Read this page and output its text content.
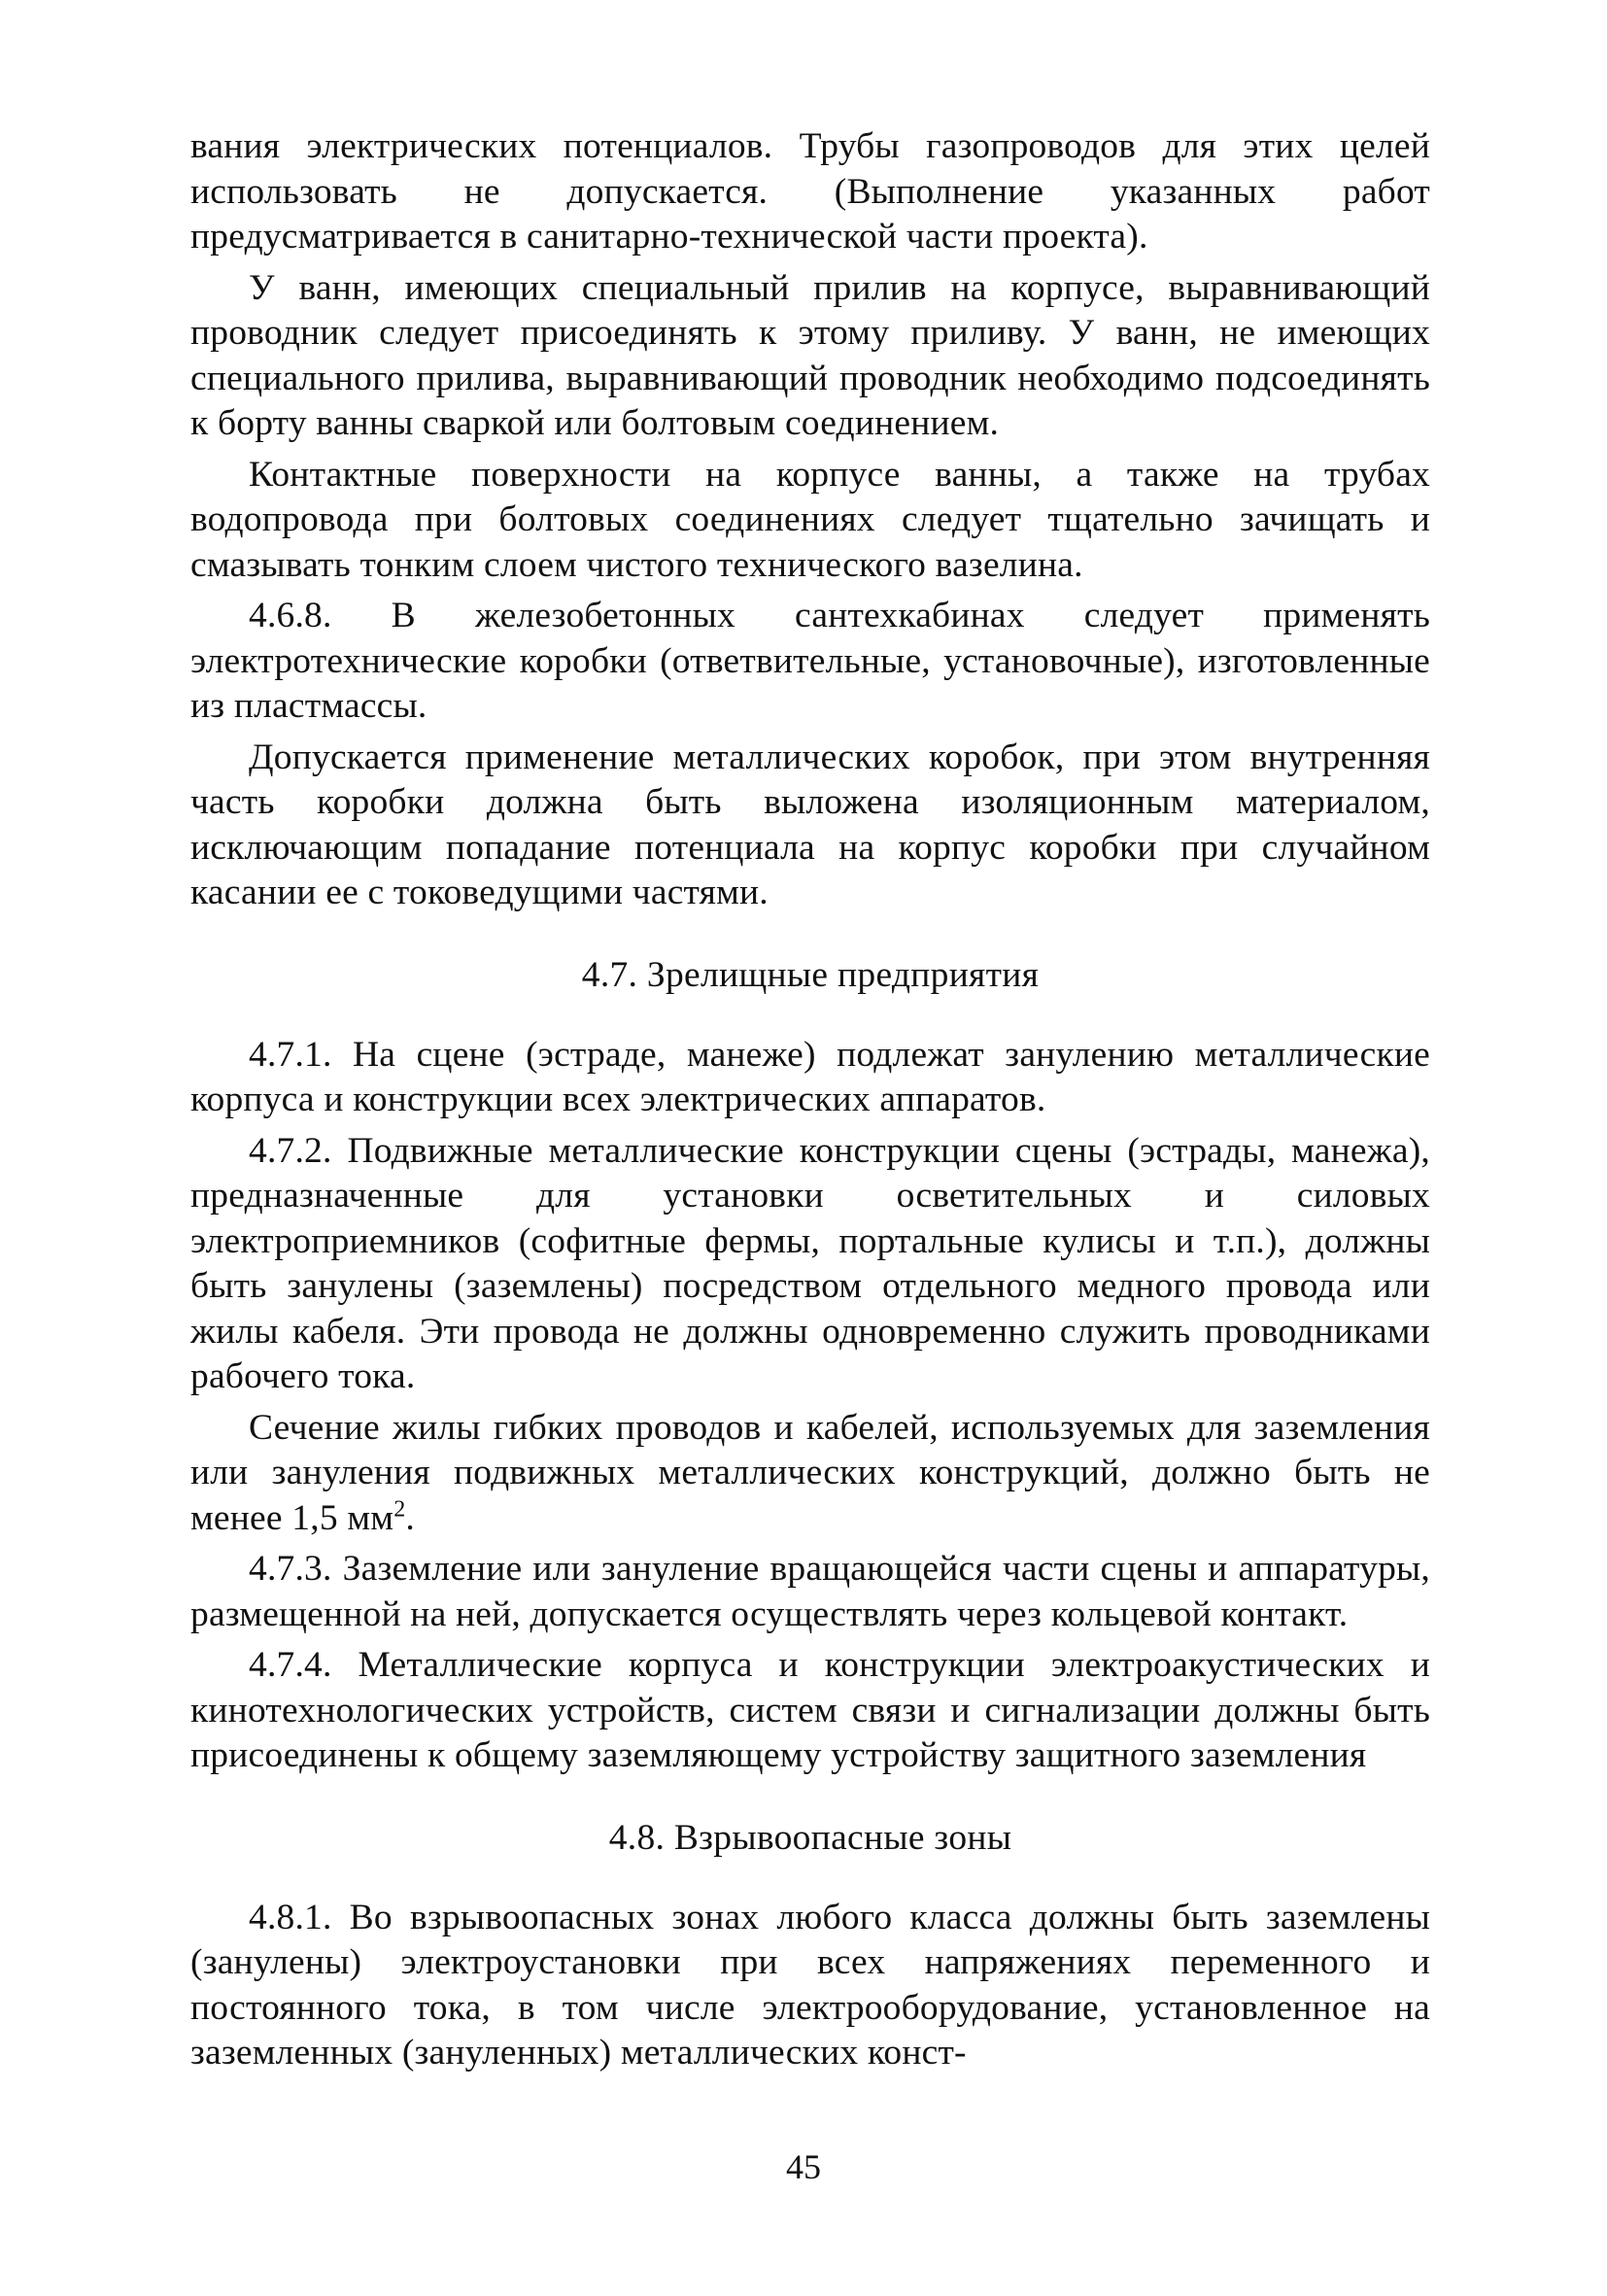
вания электрических потенциалов. Трубы газопроводов для этих целей использовать не допускается. (Выполнение указанных работ предусматривается в санитарно-технической части проекта).

У ванн, имеющих специальный прилив на корпусе, выравнивающий проводник следует присоединять к этому приливу. У ванн, не имеющих специального прилива, выравнивающий проводник необходимо подсоединять к борту ванны сваркой или болтовым соединением.

Контактные поверхности на корпусе ванны, а также на трубах водопровода при болтовых соединениях следует тщательно зачищать и смазывать тонким слоем чистого технического вазелина.

4.6.8. В железобетонных сантехкабинах следует применять электротехнические коробки (ответвительные, установочные), изготовленные из пластмассы.

Допускается применение металлических коробок, при этом внутренняя часть коробки должна быть выложена изоляционным материалом, исключающим попадание потенциала на корпус коробки при случайном касании ее с токоведущими частями.

4.7. Зрелищные предприятия

4.7.1. На сцене (эстраде, манеже) подлежат занулению металлические корпуса и конструкции всех электрических аппаратов.

4.7.2. Подвижные металлические конструкции сцены (эстрады, манежа), предназначенные для установки осветительных и силовых электроприемников (софитные фермы, портальные кулисы и т.п.), должны быть занулены (заземлены) посредством отдельного медного провода или жилы кабеля. Эти провода не должны одновременно служить проводниками рабочего тока.

Сечение жилы гибких проводов и кабелей, используемых для заземления или зануления подвижных металлических конструкций, должно быть не менее 1,5 $мм^2$.

4.7.3. Заземление или зануление вращающейся части сцены и аппаратуры, размещенной на ней, допускается осуществлять через кольцевой контакт.

4.7.4. Металлические корпуса и конструкции электроакустических и кинотехнологических устройств, систем связи и сигнализации должны быть присоединены к общему заземляющему устройству защитного заземления

4.8. Взрывоопасные зоны

4.8.1. Во взрывоопасных зонах любого класса должны быть заземлены (занулены) электроустановки при всех напряжениях переменного и постоянного тока, в том числе электрооборудование, установленное на заземленных (зануленных) металлических конст-

45
